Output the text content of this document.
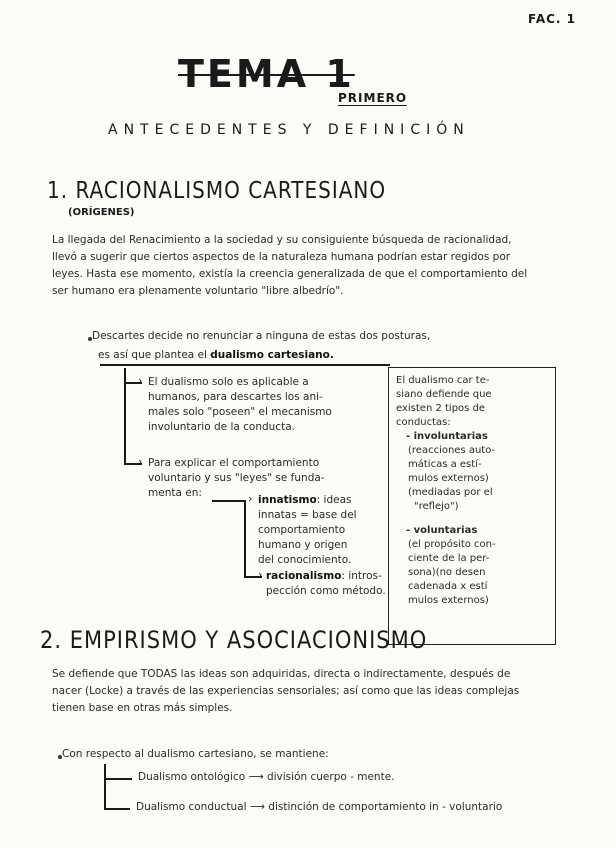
FAC. 1
TEMA 1
PRIMERO
ANTECEDENTES Y DEFINICIÓN
1. RACIONALISMO CARTESIANO
(ORÍGENES)
La llegada del Renacimiento a la sociedad y su consiguiente búsqueda de racionalidad, llevó a sugerir que ciertos aspectos de la naturaleza humana podrían estar regidos por leyes. Hasta ese momento, existía la creencia generalizada de que el comportamiento del ser humano era plenamente voluntario "libre albedrío".
Descartes decide no renunciar a ninguna de estas dos posturas,
es así que plantea el dualismo cartesiano.
›
›
El dualismo solo es aplicable a
humanos, para descartes los ani-
males solo "poseen" el mecanismo
involuntario de la conducta.
Para explicar el comportamiento
voluntario y sus "leyes" se funda-
menta en:	›
›
innatismo: ideas
innatas = base del
comportamiento
humano y origen
del conocimiento.
racionalismo: intros-
pección como método.
El dualismo car te-
siano defiende que
existen 2 tipos de
conductas:
- involuntarias
(reacciones auto-
máticas a estí-
mulos externos)
(mediadas por el
"reflejo")
- voluntarias
(el propósito con-
ciente de la per-
sona)(no desen
cadenada x estí
mulos externos)
2. EMPIRISMO Y ASOCIACIONISMO
Se defiende que TODAS las ideas son adquiridas, directa o indirectamente, después de nacer (Locke) a través de las experiencias sensoriales; así como que las ideas complejas tienen base en otras más simples.
Con respecto al dualismo cartesiano, se mantiene:
Dualismo ontológico ⟶ división cuerpo - mente.
Dualismo conductual ⟶ distinción de comportamiento in - voluntario
